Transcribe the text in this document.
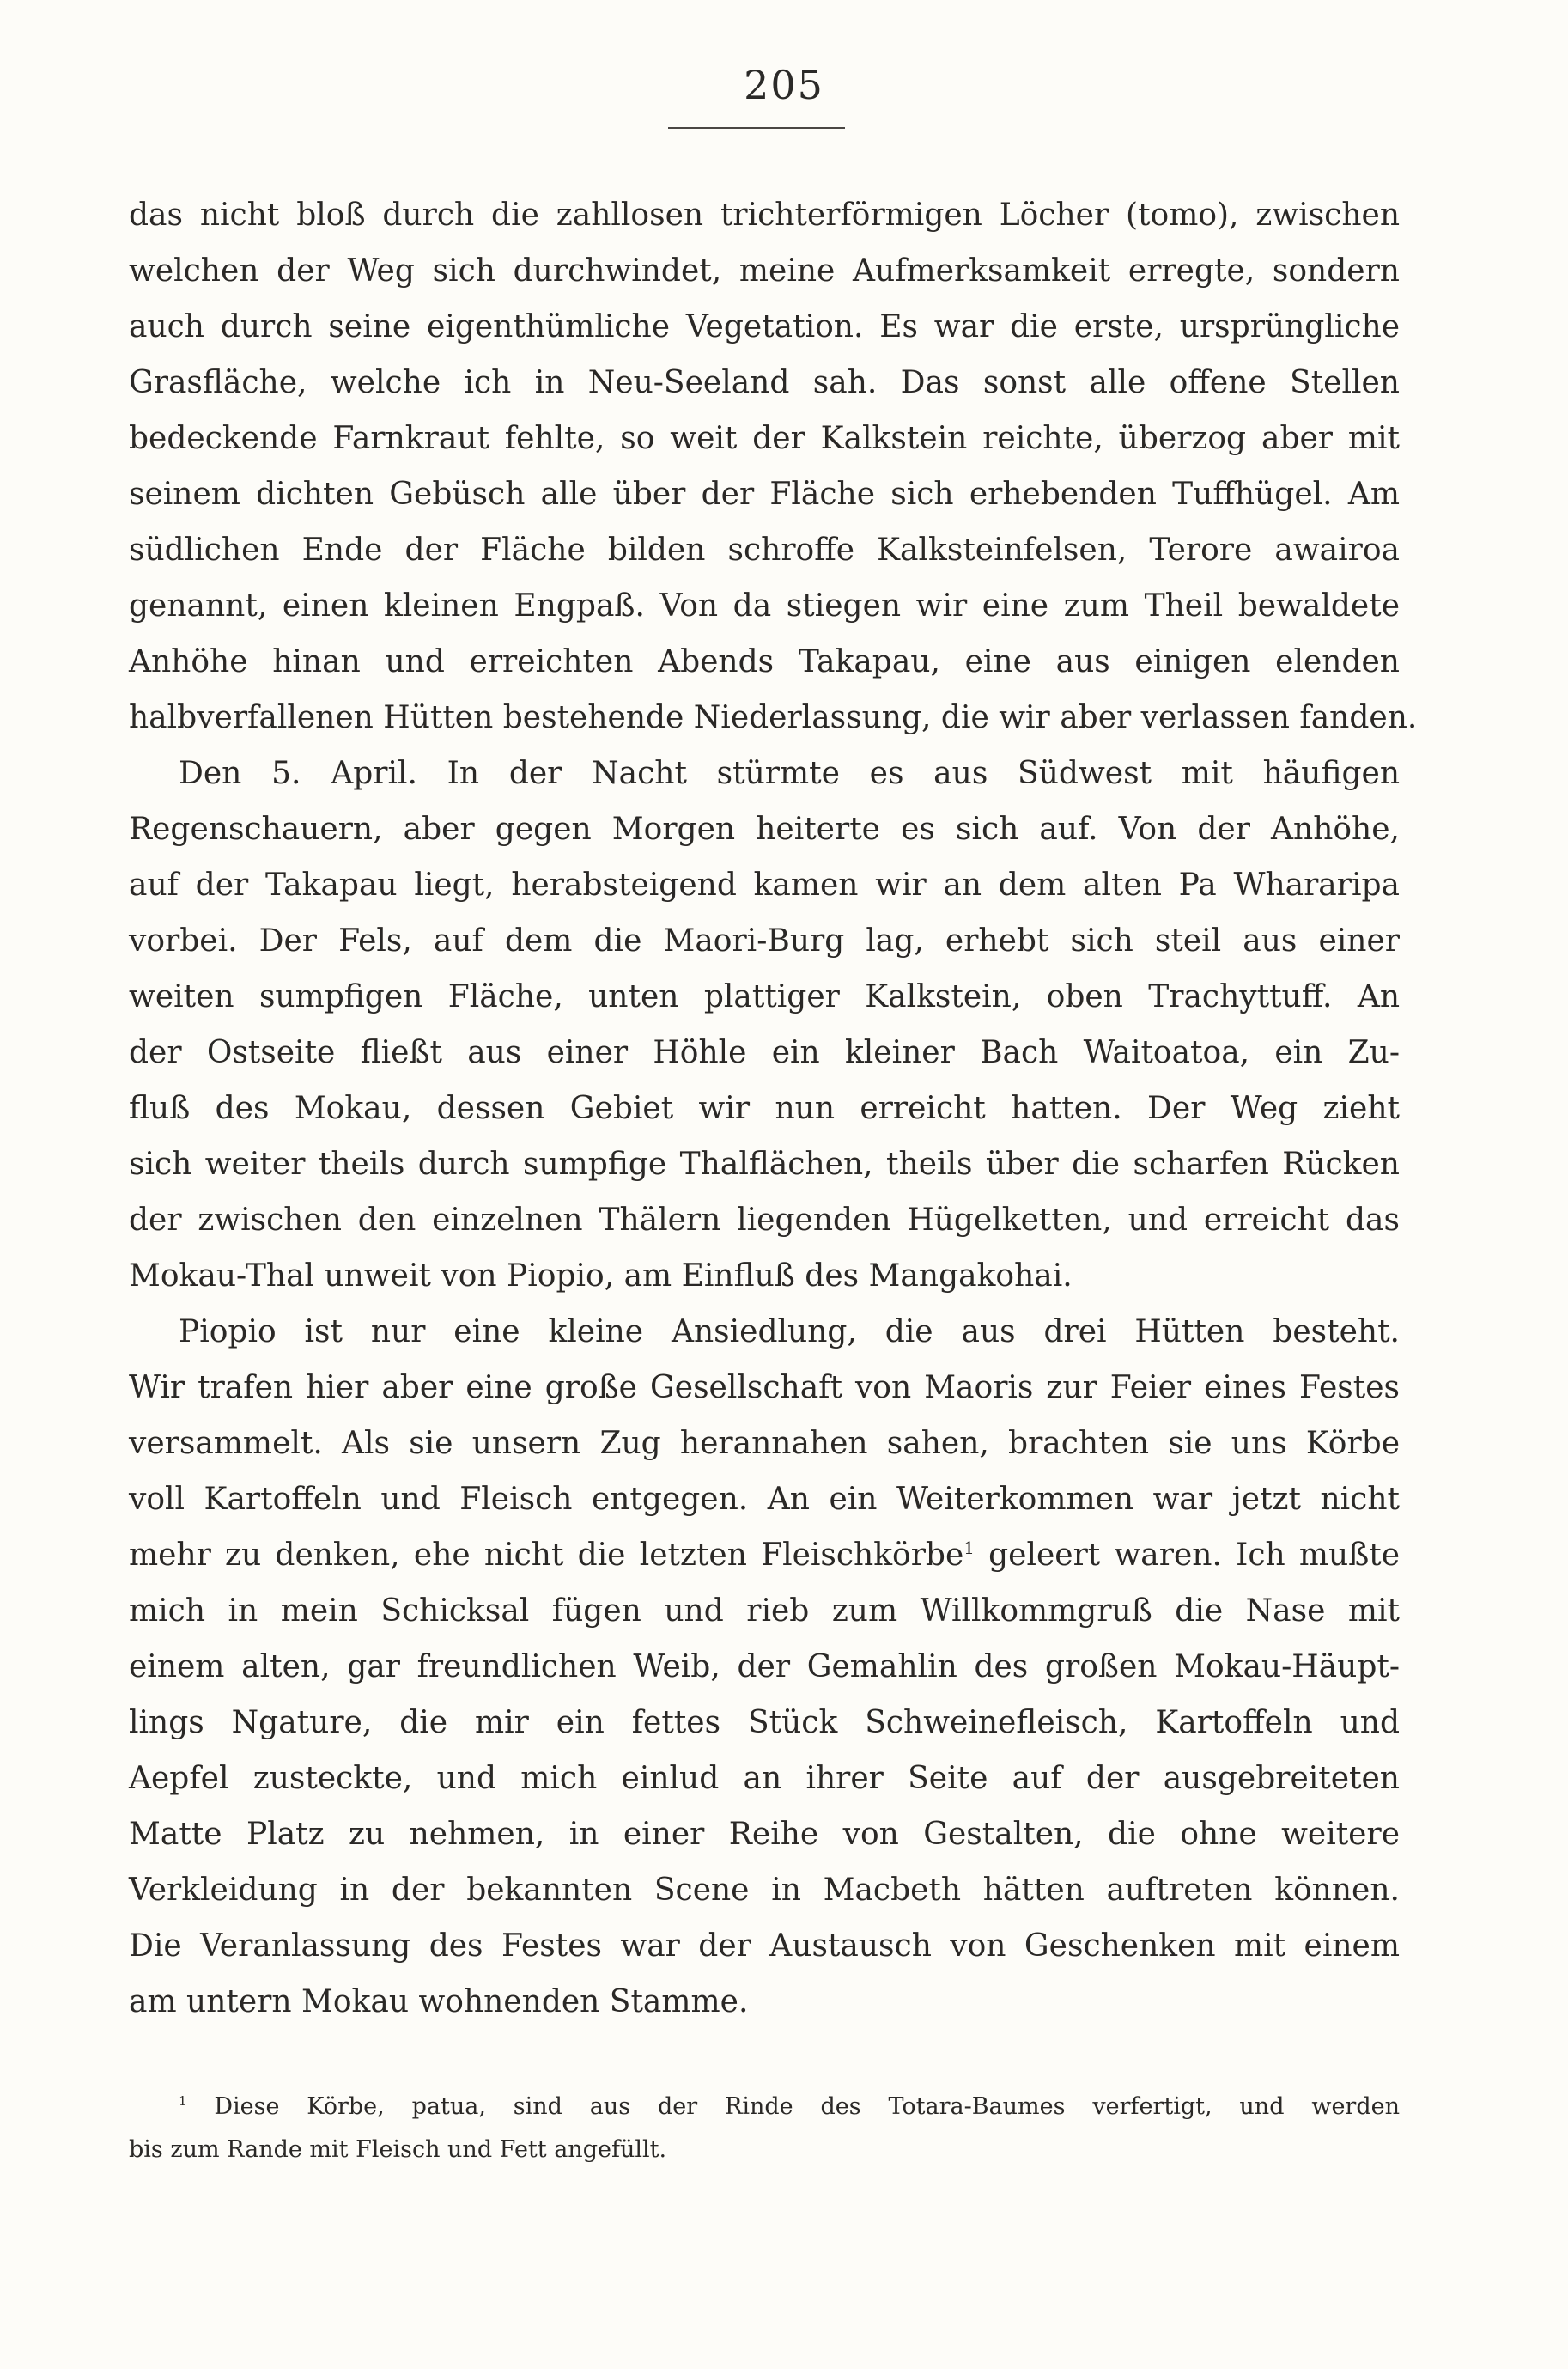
205
das nicht bloß durch die zahllosen trichterförmigen Löcher (tomo), zwischen
welchen der Weg sich durchwindet, meine Aufmerksamkeit erregte, sondern
auch durch seine eigenthümliche Vegetation. Es war die erste, ursprüngliche
Grasfläche, welche ich in Neu-Seeland sah. Das sonst alle offene Stellen
bedeckende Farnkraut fehlte, so weit der Kalkstein reichte, überzog aber mit
seinem dichten Gebüsch alle über der Fläche sich erhebenden Tuffhügel. Am
südlichen Ende der Fläche bilden schroffe Kalksteinfelsen, Terore awairoa
genannt, einen kleinen Engpaß. Von da stiegen wir eine zum Theil bewaldete
Anhöhe hinan und erreichten Abends Takapau, eine aus einigen elenden
halbverfallenen Hütten bestehende Niederlassung, die wir aber verlassen fanden.
Den 5. April. In der Nacht stürmte es aus Südwest mit häufigen
Regenschauern, aber gegen Morgen heiterte es sich auf. Von der Anhöhe,
auf der Takapau liegt, herabsteigend kamen wir an dem alten Pa Whararipa
vorbei. Der Fels, auf dem die Maori-Burg lag, erhebt sich steil aus einer
weiten sumpfigen Fläche, unten plattiger Kalkstein, oben Trachyttuff. An
der Ostseite fließt aus einer Höhle ein kleiner Bach Waitoatoa, ein Zu-
fluß des Mokau, dessen Gebiet wir nun erreicht hatten. Der Weg zieht
sich weiter theils durch sumpfige Thalflächen, theils über die scharfen Rücken
der zwischen den einzelnen Thälern liegenden Hügelketten, und erreicht das
Mokau-Thal unweit von Piopio, am Einfluß des Mangakohai.
Piopio ist nur eine kleine Ansiedlung, die aus drei Hütten besteht.
Wir trafen hier aber eine große Gesellschaft von Maoris zur Feier eines Festes
versammelt. Als sie unsern Zug herannahen sahen, brachten sie uns Körbe
voll Kartoffeln und Fleisch entgegen. An ein Weiterkommen war jetzt nicht
mehr zu denken, ehe nicht die letzten Fleischkörbe$^1$ geleert waren. Ich mußte
mich in mein Schicksal fügen und rieb zum Willkommgruß die Nase mit
einem alten, gar freundlichen Weib, der Gemahlin des großen Mokau-Häupt-
lings Ngature, die mir ein fettes Stück Schweinefleisch, Kartoffeln und
Aepfel zusteckte, und mich einlud an ihrer Seite auf der ausgebreiteten
Matte Platz zu nehmen, in einer Reihe von Gestalten, die ohne weitere
Verkleidung in der bekannten Scene in Macbeth hätten auftreten können.
Die Veranlassung des Festes war der Austausch von Geschenken mit einem
am untern Mokau wohnenden Stamme.
$^1$ Diese Körbe, patua, sind aus der Rinde des Totara-Baumes verfertigt, und werden
bis zum Rande mit Fleisch und Fett angefüllt.
